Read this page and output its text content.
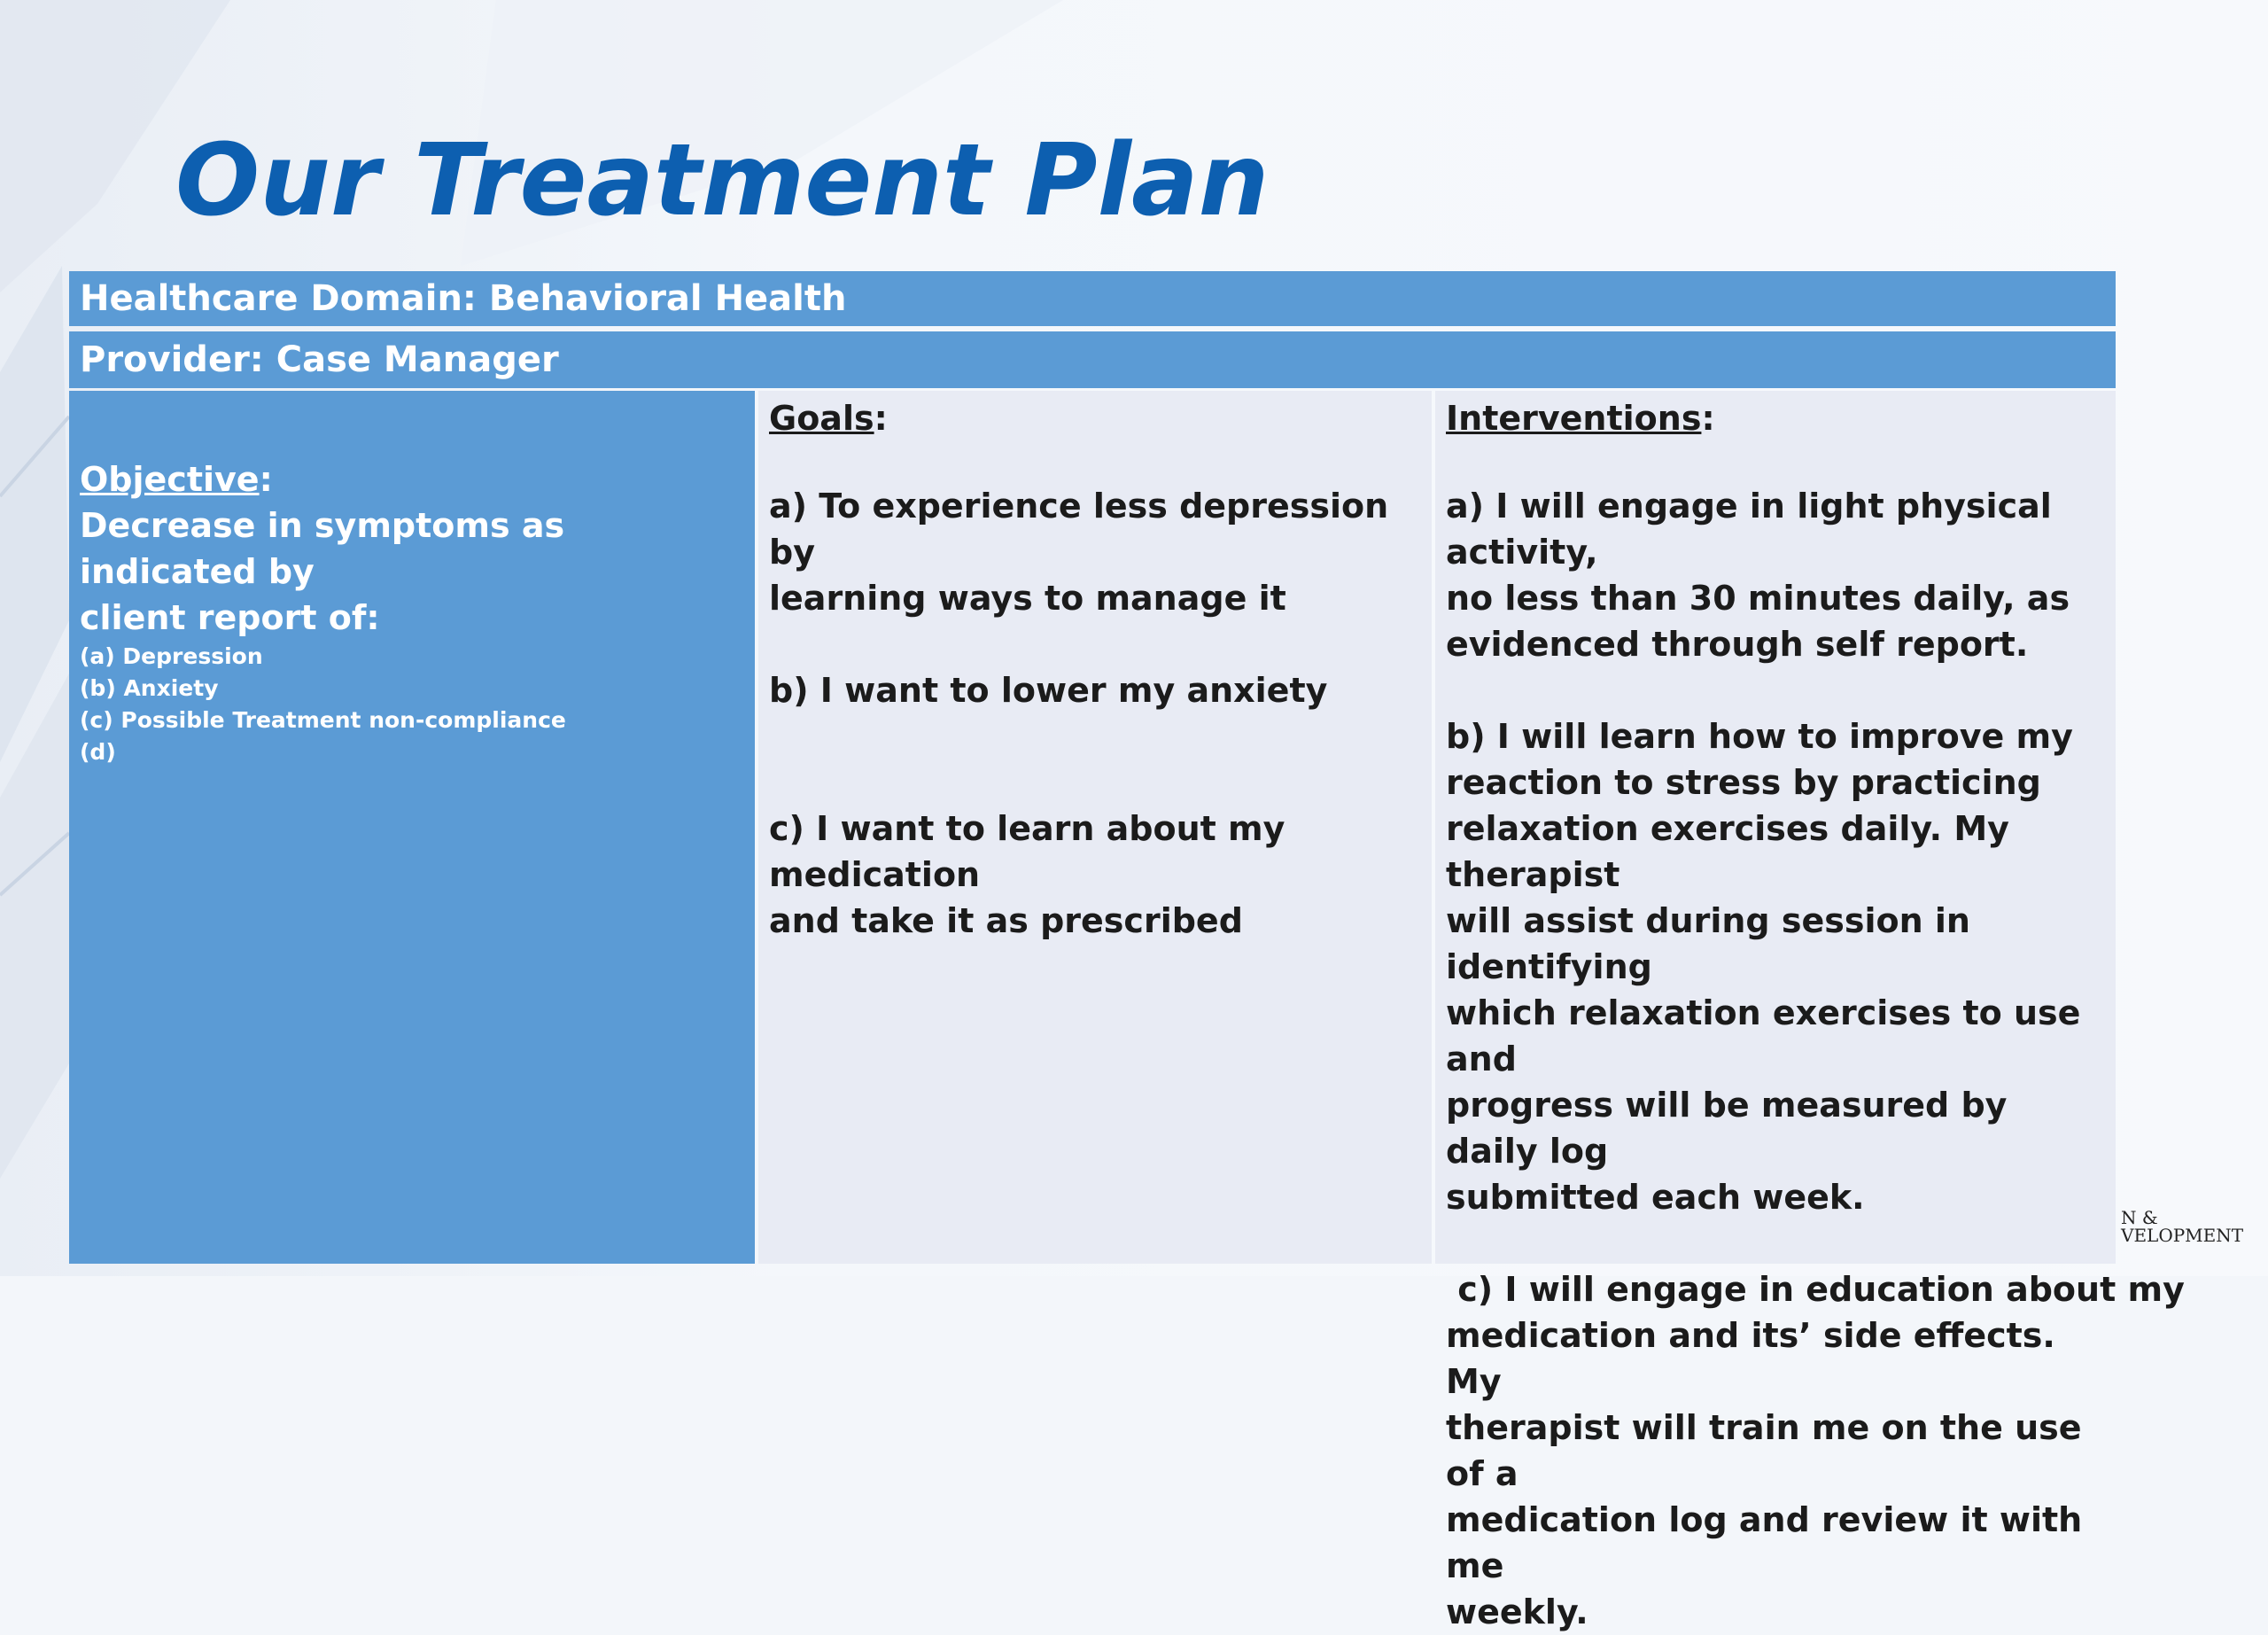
Our Treatment Plan
Healthcare Domain: Behavioral Health
Provider: Case Manager

Objective:

Decrease in symptoms as indicated by

client report of:

(a) Depression

(b) Anxiety

(c) Possible Treatment non-compliance

(d)

Goals:

a) To experience less depression by

learning ways to manage it

b) I want to lower my anxiety

c) I want to learn about my medication

and take it as prescribed

Interventions:

a) I will engage in light physical activity,

no less than 30 minutes daily, as

evidenced through self report.

b) I will learn how to improve my

reaction to stress by practicing

relaxation exercises daily. My therapist

will assist during session in identifying

which relaxation exercises to use and

progress will be measured by daily log

submitted each week.

c) I will engage in education about my

medication and its’ side effects. My

therapist will train me on the use of a

medication log and review it with me

weekly.

N &
VELOPMENT
